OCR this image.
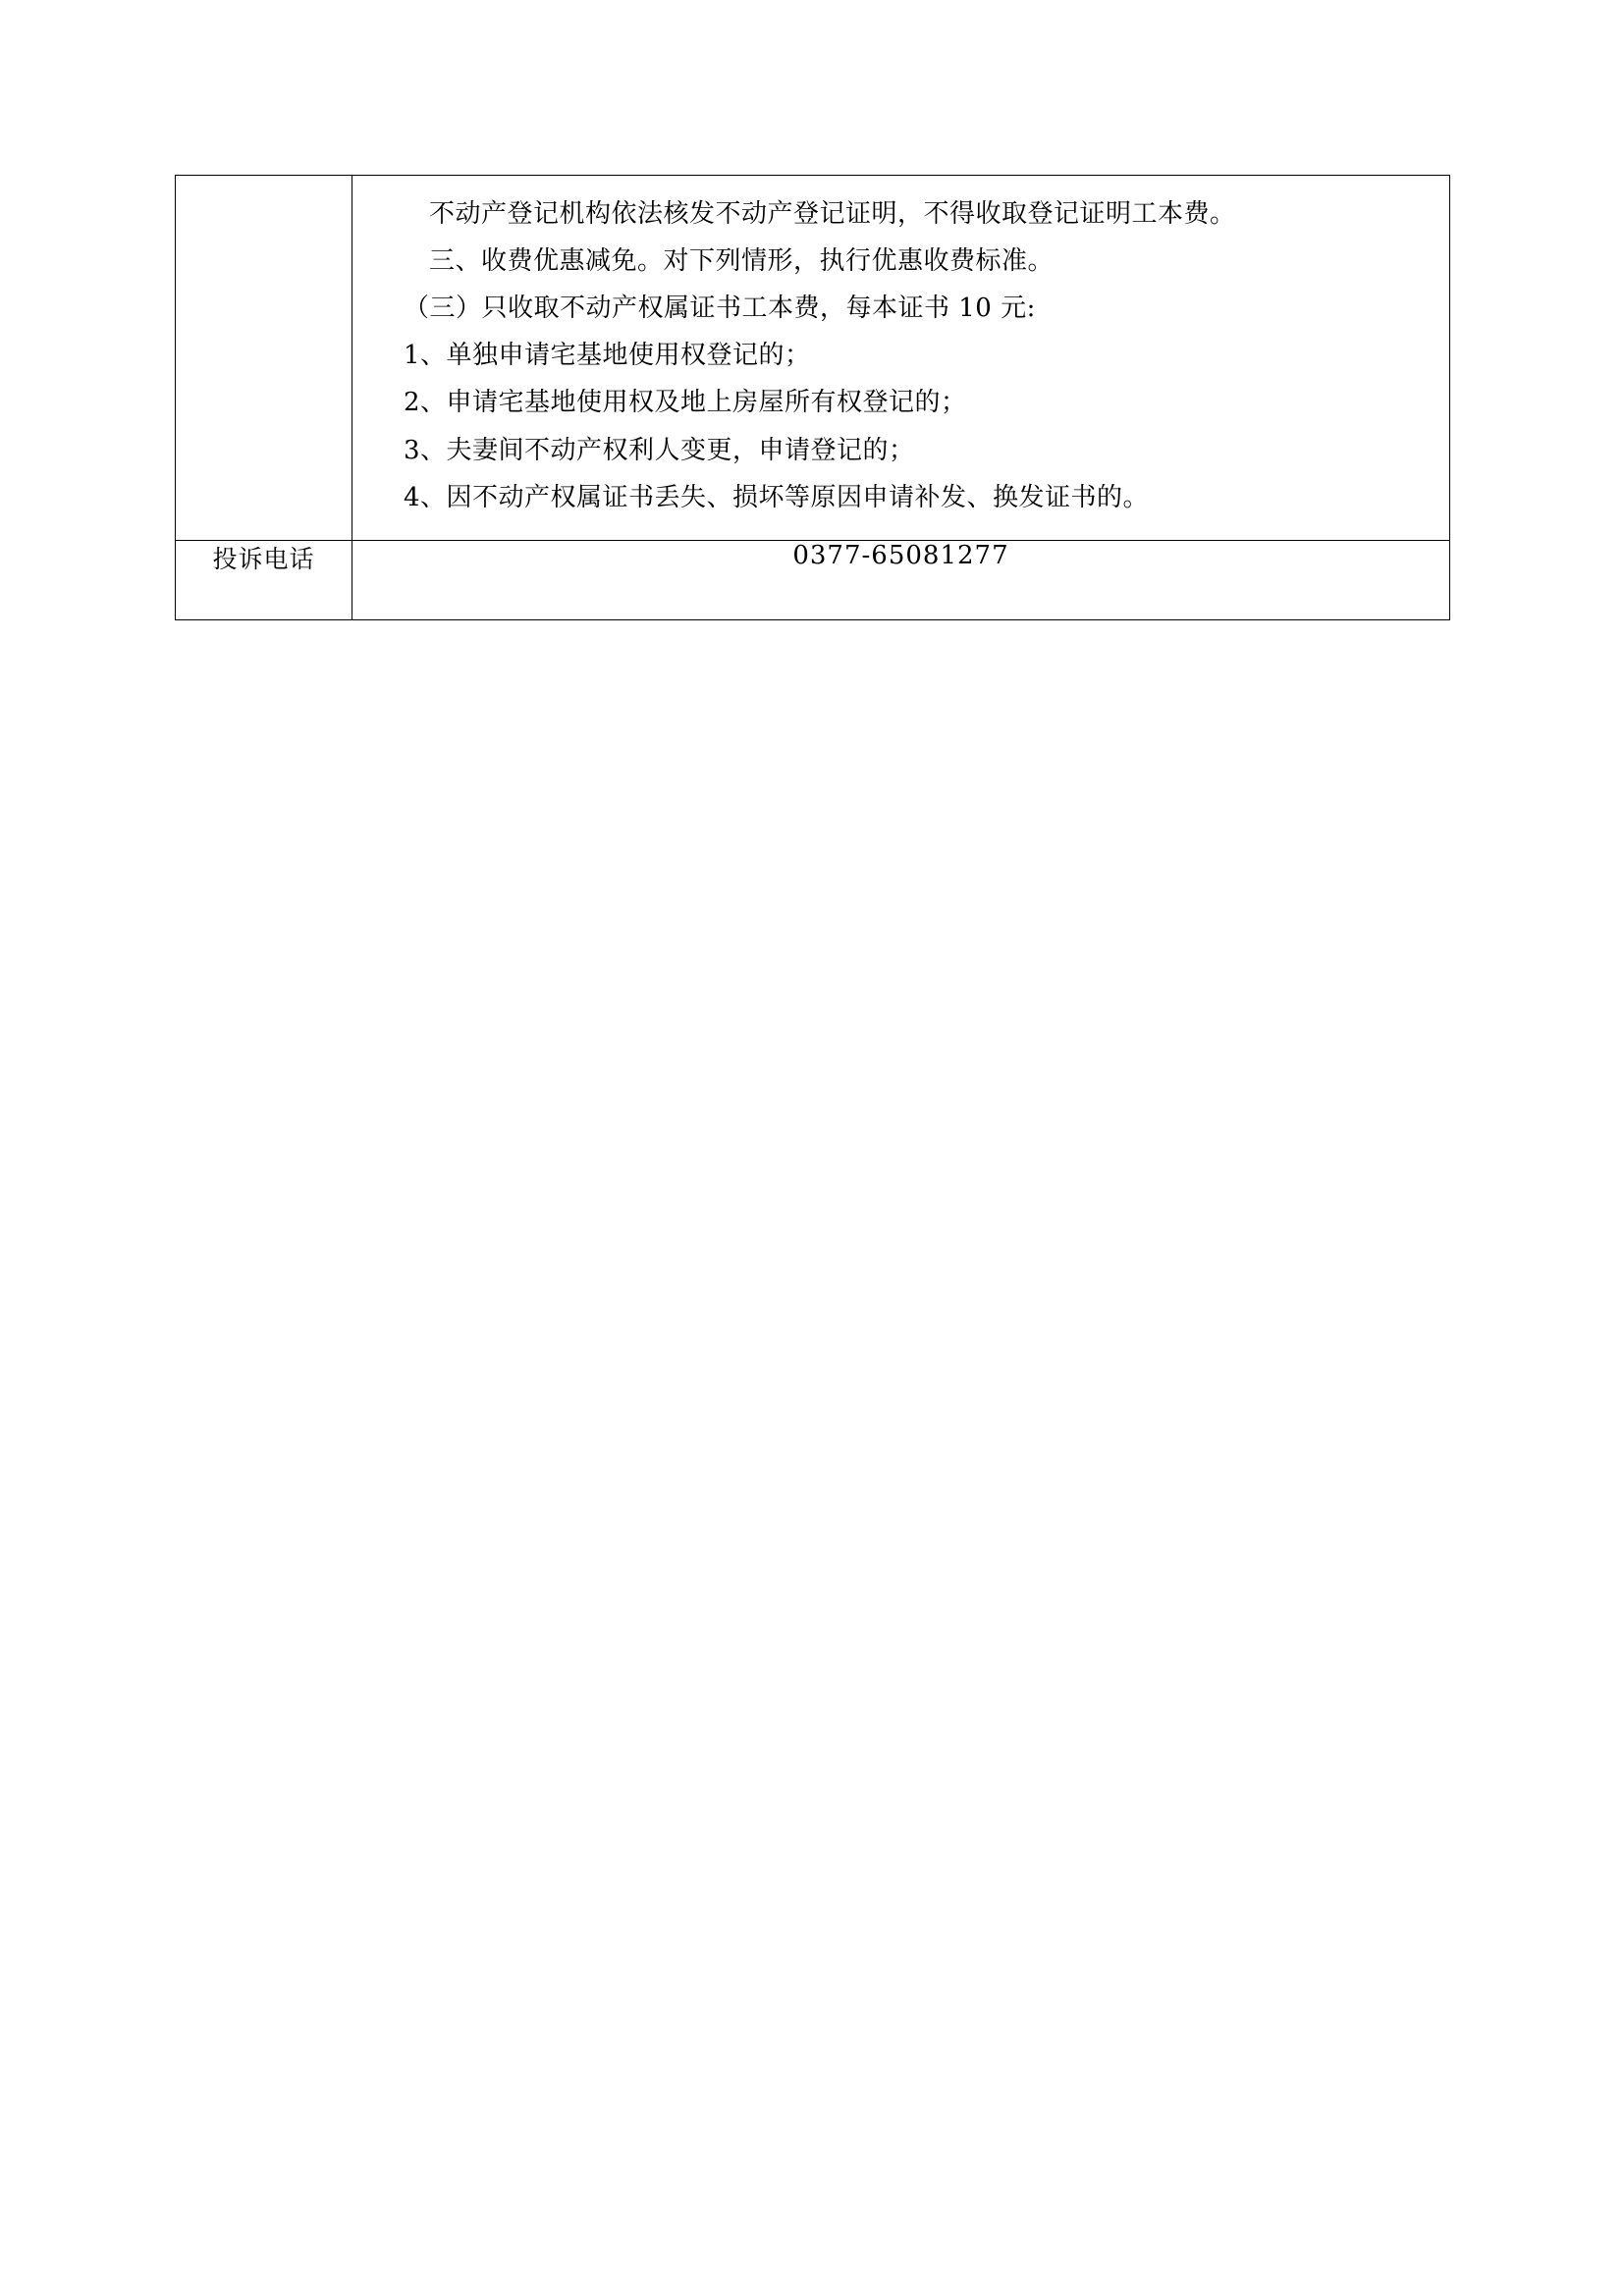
不动产登记机构依法核发不动产登记证明，不得收取登记证明工本费。

三、收费优惠减免。对下列情形，执行优惠收费标准。

（三）只收取不动产权属证书工本费，每本证书 10 元:

1、单独申请宅基地使用权登记的；

2、申请宅基地使用权及地上房屋所有权登记的；

3、夫妻间不动产权利人变更，申请登记的；

4、因不动产权属证书丢失、损坏等原因申请补发、换发证书的。

投诉电话	0377-65081277
